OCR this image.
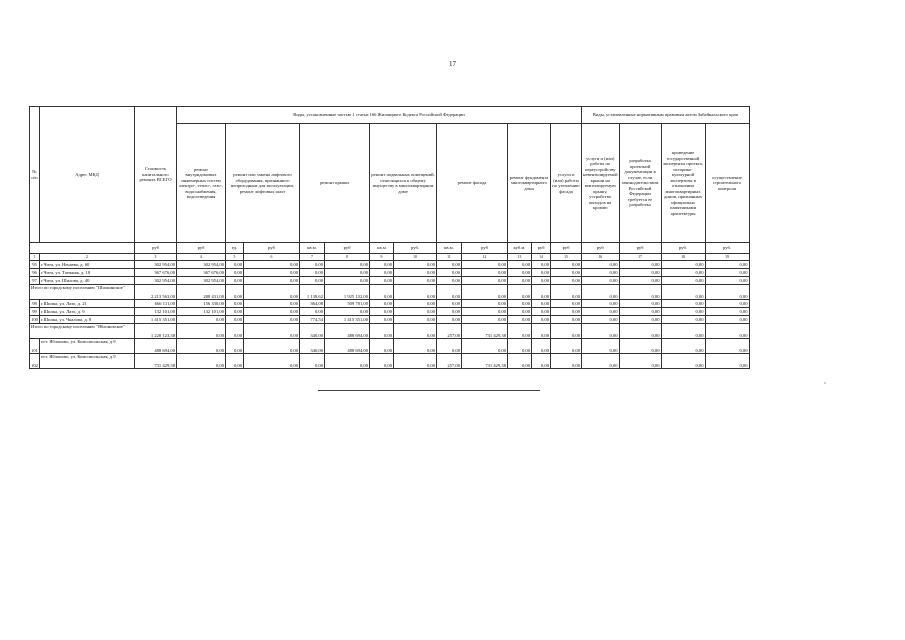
17
№ п/п	Адрес МКД	Стоимость капитального ремонта ВСЕГО	Виды, установленные частью 1 статьи 166 Жилищного Кодекса Российской Федерации												Виды, установленные нормативным правовым актом Забайкальского края			
			ремонт внутридомовых инженерных систем электро-, тепло-, газо-, водоснабжения, водоотведения	ремонт или замена лифтового оборудования, признанного непригодным для эксплуатации, ремонт лифтовых шахт		ремонт крыши		ремонт подвальных помещений, относящихся к общему имуществу в многоквартирном доме		ремонт фасада		ремонт фундамента многоквартирного дома		услуги и (или) работы по утеплению фасада	услуги и (или) работы по переустройству невентилируемой крыши на вентилируемую крышу, устройство выходов на кровлю	разработка проектной документации в случае, если законодательством Российской Федерации требуется ее разработка	проведение государственной экспертизы проекта, историко-культурной экспертизы в отношении многоквартирных домов, признанных официально памятниками архитектуры	осуществление строительного контроля
		руб	руб	ед.	руб	кв.м.	руб	кв.м	руб.	кв.м.	руб	куб.м.	руб	руб	руб	руб	руб.	руб.
1	2	3	4	5	6	7	8	9	10	11	12	13	14	15	16	17	18	19
95	г.Чита, ул. Нечаева, д. 60	302 954,00	302 954,00	0,00	0,00	0,00	0,00	0,00	0,00	0,00	0,00	0,00	0,00	0,00	0,00	0,00	0,00	0,00
96	г.Чита, ул. Таежная, д. 18	367 676,00	367 676,00	0,00	0,00	0,00	0,00	0,00	0,00	0,00	0,00	0,00	0,00	0,00	0,00	0,00	0,00	0,00
97	г.Чита, ул. Шилова, д. 40	302 954,00	302 954,00	0,00	0,00	0,00	0,00	0,00	0,00	0,00	0,00	0,00	0,00	0,00	0,00	0,00	0,00	0,00
Итого по городскому поселению "Шилкинское"		2 213 563,00	288 431,00	0,00	0,00	1 138,62	1 925 132,00	0,00	0,00	0,00	0,00	0,00	0,00	0,00	0,00	0,00	0,00	0,00
98	г.Шилка, ул. Лазо, д. 21	666 111,00	156 330,00	0,00	0,00	364,08	509 781,00	0,00	0,00	0,00	0,00	0,00	0,00	0,00	0,00	0,00	0,00	0,00
99	г.Шилка, ул. Лазо, д. 9	132 101,00	132 101,00	0,00	0,00	0,00	0,00	0,00	0,00	0,00	0,00	0,00	0,00	0,00	0,00	0,00	0,00	0,00
100	г.Шилка, ул. Чкалова, д. 8	1 415 351,00	0,00	0,00	0,00	774,54	1 415 351,00	0,00	0,00	0,00	0,00	0,00	0,00	0,00	0,00	0,00	0,00	0,00
Итого по городскому поселению "Яблоновское"		1 220 123,38	0,00	0,00	0,00	340,00	488 694,00	0,00	0,00	257,00	731 429,38	0,00	0,00	0,00	0,00	0,00	0,00	0,00
101	пгт. Яблоново, ул. Комсомольская, д.9	488 694,00	0,00	0,00	0,00	340,00	488 694,00	0,00	0,00	0,00	0,00	0,00	0,00	0,00	0,00	0,00	0,00	0,00
102	пгт. Яблоново, ул. Комсомольская, д.9	731 429,38	0,00	0,00	0,00	0,00	0,00	0,00	0,00	257,00	731 429,38	0,00	0,00	0,00	0,00	0,00	0,00	0,00
"
